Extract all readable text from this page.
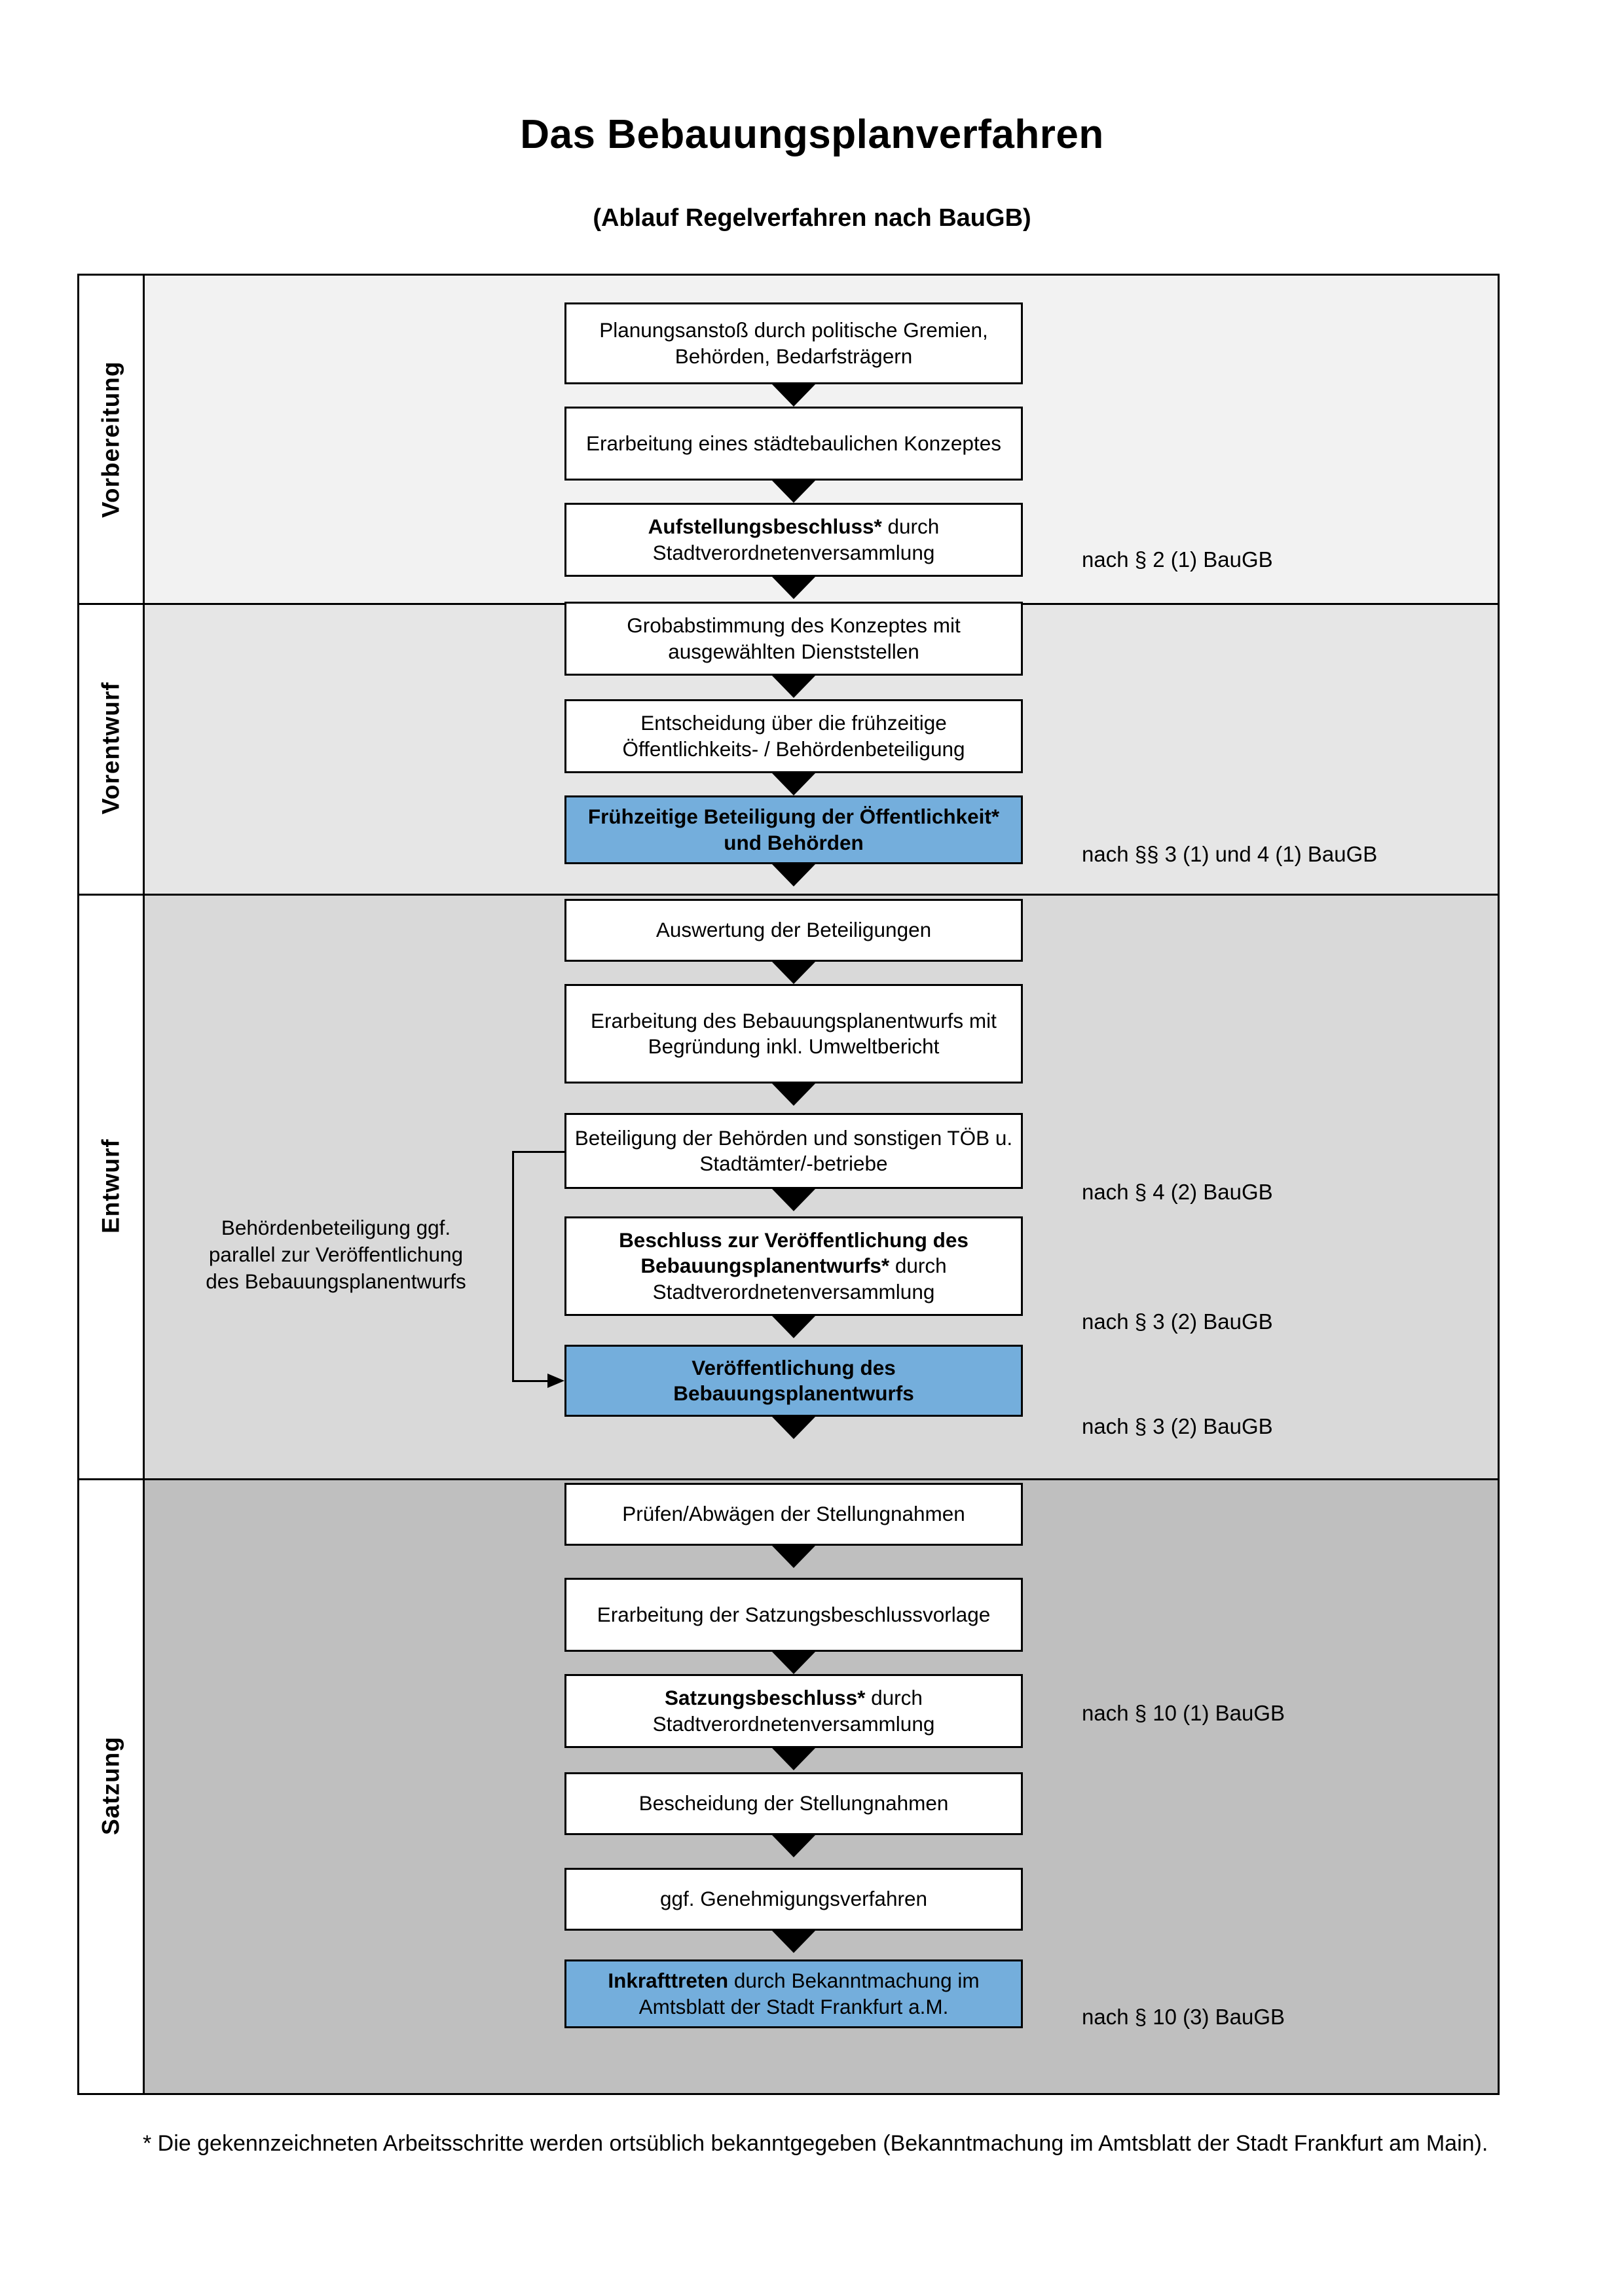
Das Bebauungsplanverfahren
(Ablauf Regelverfahren nach BauGB)
Vorbereitung
Vorentwurf
Entwurf
Satzung
Planungsanstoß durch politische Gremien, Behörden, Bedarfsträgern
Erarbeitung eines städtebaulichen Konzeptes
Aufstellungsbeschluss* durch Stadtverordnetenversammlung
Grobabstimmung des Konzeptes mit ausgewählten Dienststellen
Entscheidung über die frühzeitige Öffentlichkeits- / Behördenbeteiligung
Frühzeitige Beteiligung der Öffentlichkeit* und Behörden
Auswertung der Beteiligungen
Erarbeitung des Bebauungsplanentwurfs mit Begründung inkl. Umweltbericht
Beteiligung der Behörden und sonstigen TÖB u. Stadtämter/-betriebe
Beschluss zur Veröffentlichung des Bebauungsplanentwurfs* durch Stadtverordnetenversammlung
Veröffentlichung des Bebauungsplanentwurfs
Prüfen/Abwägen der Stellungnahmen
Erarbeitung der Satzungsbeschlussvorlage
Satzungsbeschluss* durch Stadtverordnetenversammlung
Bescheidung der Stellungnahmen
ggf. Genehmigungsverfahren
Inkrafttreten durch Bekanntmachung im Amtsblatt der Stadt Frankfurt a.M.
Behördenbeteiligung ggf. parallel zur Veröffentlichung des Bebauungsplanentwurfs
nach § 2 (1) BauGB
nach §§ 3 (1) und 4 (1) BauGB
nach § 4 (2) BauGB
nach § 3 (2) BauGB
nach § 3 (2) BauGB
nach § 10 (1) BauGB
nach § 10 (3) BauGB
* Die gekennzeichneten Arbeitsschritte werden ortsüblich bekanntgegeben (Bekanntmachung im Amtsblatt der Stadt Frankfurt am Main).
